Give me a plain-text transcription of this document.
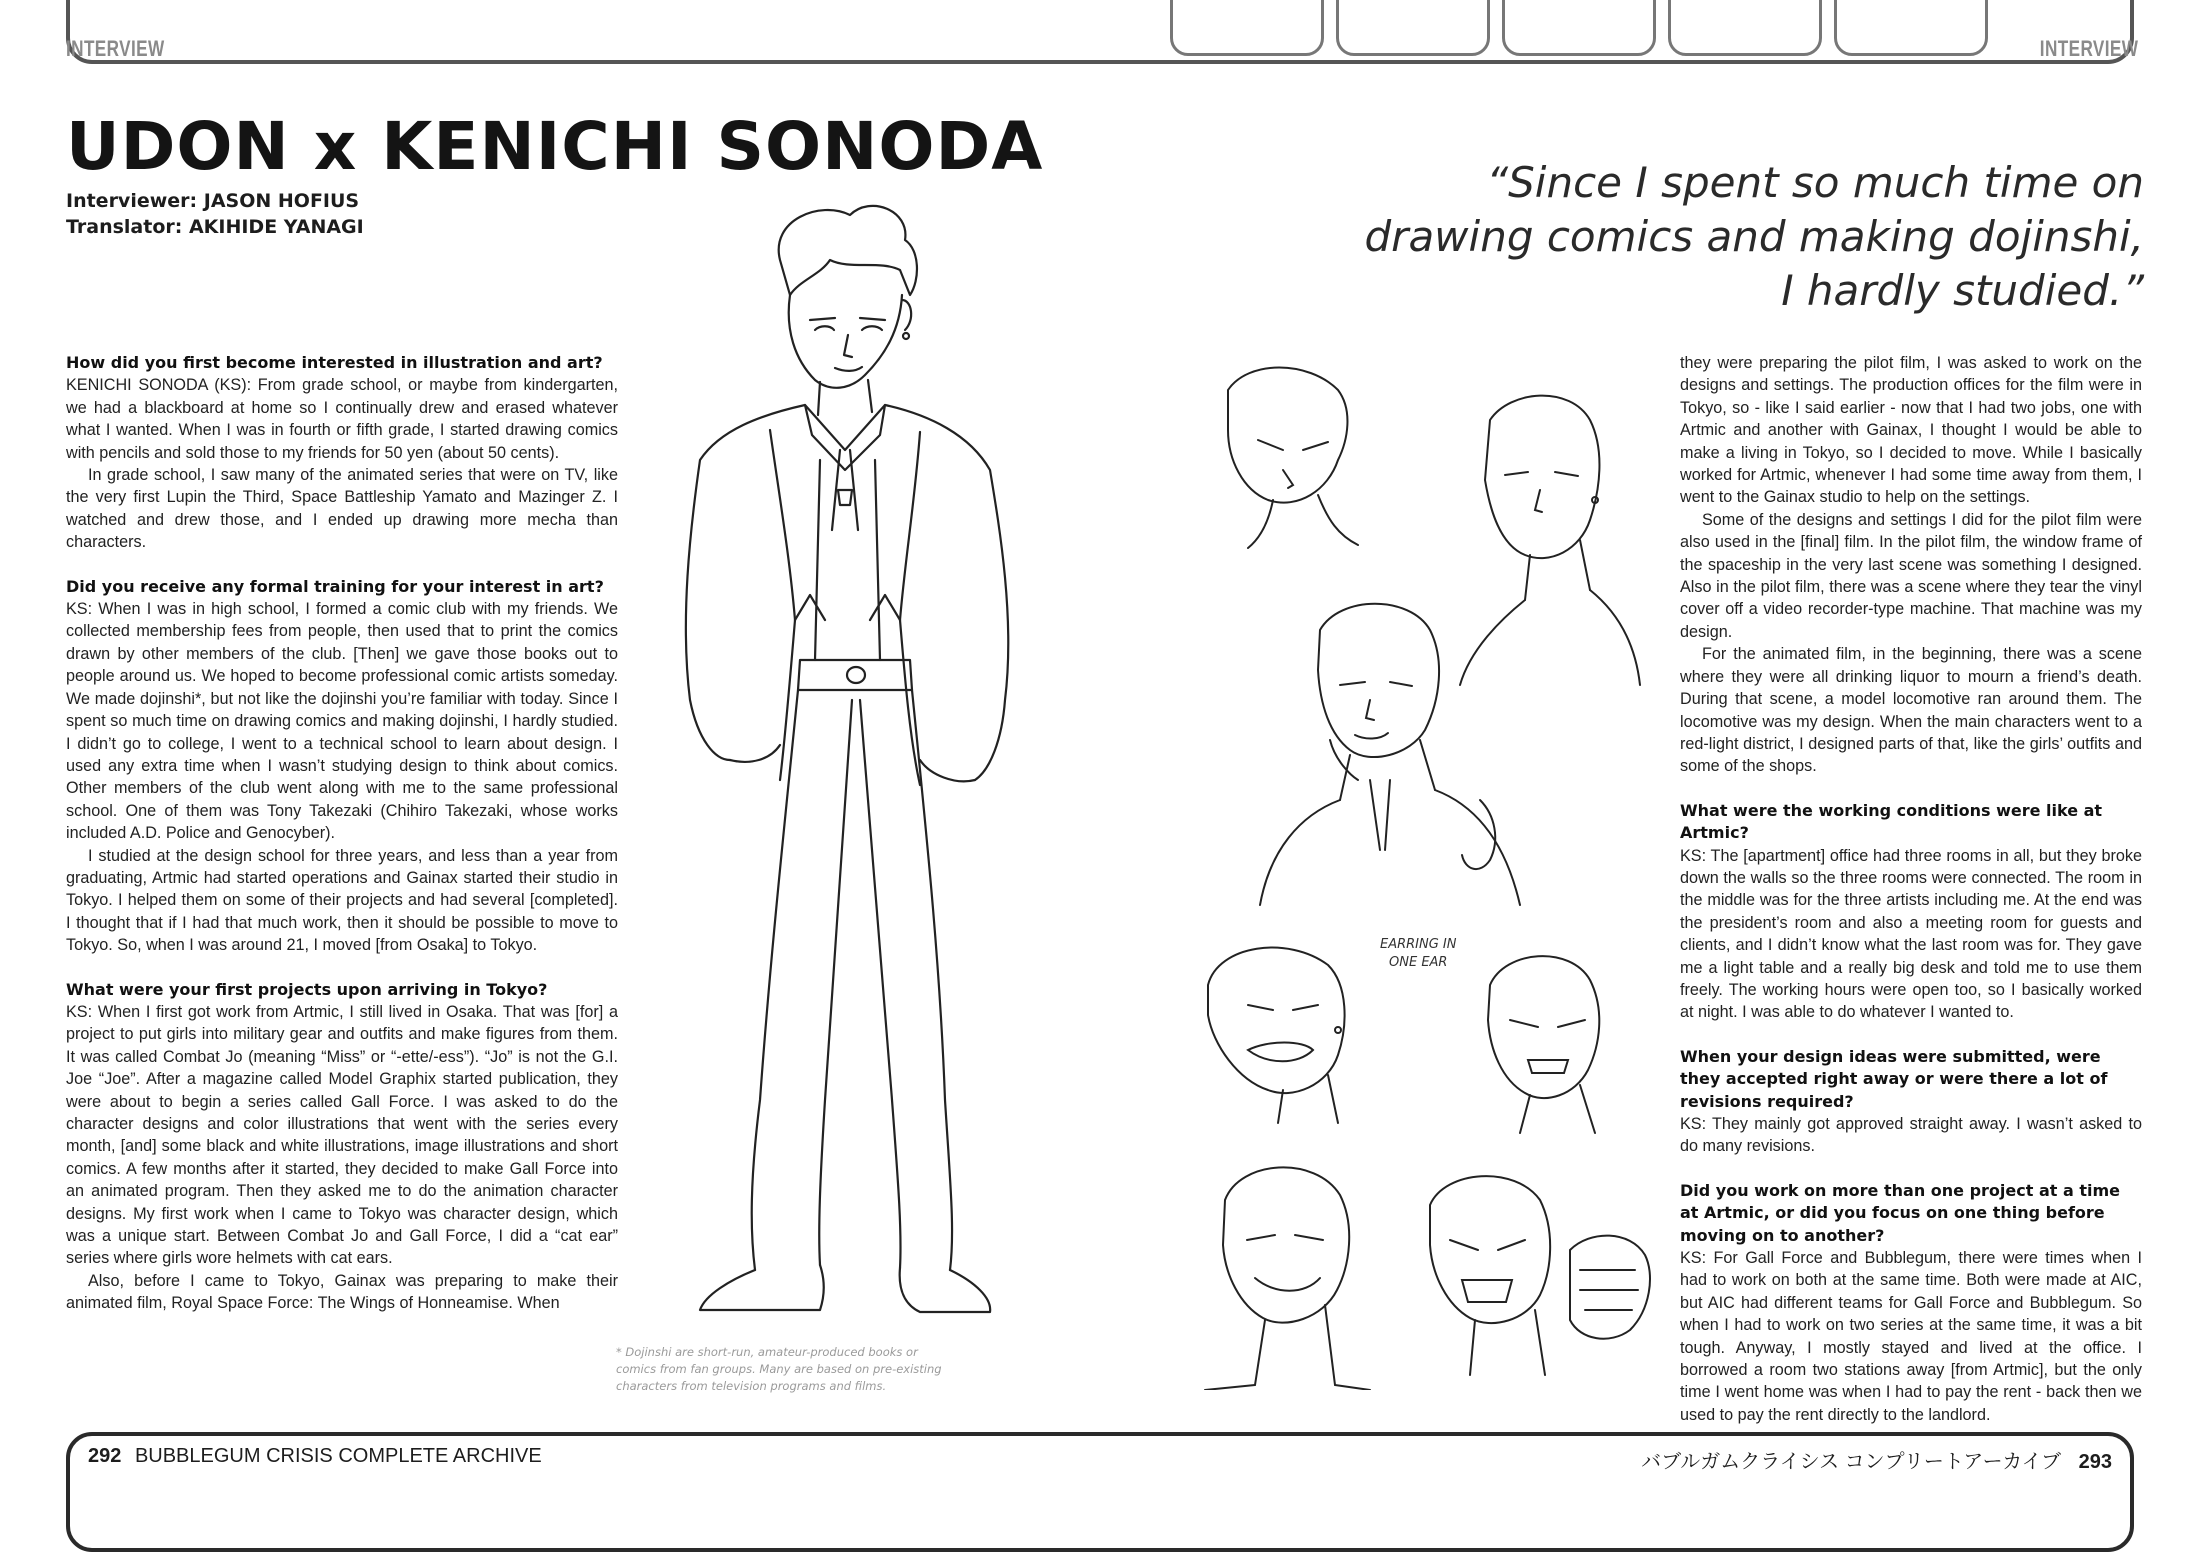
INTERVIEW	INTERVIEW
UDON x KENICHI SONODA
Interviewer: JASON HOFIUS
Translator: AKIHIDE YANAGI
“Since I spent so much time on
drawing comics and making dojinshi,
I hardly studied.”

How did you first become interested in illustration and art?

KENICHI SONODA (KS): From grade school, or maybe from kindergarten, we had a blackboard at home so I continually drew and erased whatever what I wanted. When I was in fourth or fifth grade, I started drawing comics with pencils and sold those to my friends for 50 yen (about 50 cents).

In grade school, I saw many of the animated series that were on TV, like the very first Lupin the Third, Space Battleship Yamato and Mazinger Z. I watched and drew those, and I ended up drawing more mecha than characters.

Did you receive any formal training for your interest in art?

KS: When I was in high school, I formed a comic club with my friends. We collected membership fees from people, then used that to print the comics drawn by other members of the club. [Then] we gave those books out to people around us. We hoped to become professional comic artists someday. We made dojinshi*, but not like the dojinshi you’re familiar with today. Since I spent so much time on drawing comics and making dojinshi, I hardly studied. I didn’t go to college, I went to a technical school to learn about design. I used any extra time when I wasn’t studying design to think about comics. Other members of the club went along with me to the same professional school. One of them was Tony Takezaki (Chihiro Takezaki, whose works included A.D. Police and Genocyber).

I studied at the design school for three years, and less than a year from graduating, Artmic had started operations and Gainax started their studio in Tokyo. I helped them on some of their projects and had several [completed]. I thought that if I had that much work, then it should be possible to move to Tokyo. So, when I was around 21, I moved [from Osaka] to Tokyo.

What were your first projects upon arriving in Tokyo?

KS: When I first got work from Artmic, I still lived in Osaka. That was [for] a project to put girls into military gear and outfits and make figures from them. It was called Combat Jo (meaning “Miss” or “-ette/-ess”). “Jo” is not the G.I. Joe “Joe”. After a magazine called Model Graphix started publication, they were about to begin a series called Gall Force. I was asked to do the character designs and color illustrations that went with the series every month, [and] some black and white illustrations, image illustrations and short comics. A few months after it started, they decided to make Gall Force into an animated program. Then they asked me to do the animation character designs. My first work when I came to Tokyo was character design, which was a unique start. Between Combat Jo and Gall Force, I did a “cat ear” series where girls wore helmets with cat ears.

Also, before I came to Tokyo, Gainax was preparing to make their animated film, Royal Space Force: The Wings of Honneamise. When

they were preparing the pilot film, I was asked to work on the designs and settings. The production offices for the film were in Tokyo, so - like I said earlier - now that I had two jobs, one with Artmic and another with Gainax, I thought I would be able to make a living in Tokyo, so I decided to move. While I basically worked for Artmic, whenever I had some time away from them, I went to the Gainax studio to help on the settings.

Some of the designs and settings I did for the pilot film were also used in the [final] film. In the pilot film, the window frame of the spaceship in the very last scene was something I designed. Also in the pilot film, there was a scene where they tear the vinyl cover off a video recorder-type machine. That machine was my design.

For the animated film, in the beginning, there was a scene where they were all drinking liquor to mourn a friend’s death. During that scene, a model locomotive ran around them. The locomotive was my design. When the main characters went to a red-light district, I designed parts of that, like the girls’ outfits and some of the shops.

What were the working conditions were like at Artmic?

KS: The [apartment] office had three rooms in all, but they broke down the walls so the three rooms were connected. The room in the middle was for the three artists including me. At the end was the president’s room and also a meeting room for guests and clients, and I didn’t know what the last room was for. They gave me a light table and a really big desk and told me to use them freely. The working hours were open too, so I basically worked at night. I was able to do whatever I wanted to.

When your design ideas were submitted, were they accepted right away or were there a lot of revisions required?

KS: They mainly got approved straight away. I wasn’t asked to do many revisions.

Did you work on more than one project at a time at Artmic, or did you focus on one thing before moving on to another?

KS: For Gall Force and Bubblegum, there were times when I had to work on both at the same time. Both were made at AIC, but AIC had different teams for Gall Force and Bubblegum. So when I had to work on two series at the same time, it was a bit tough. Anyway, I mostly stayed and lived at the office. I borrowed a room two stations away [from Artmic], but the only time I went home was when I had to pay the rent - back then we used to pay the rent directly to the landlord.

EARRING IN
ONE EAR

* Dojinshi are short-run, amateur-produced books or comics from fan groups. Many are based on pre-existing characters from television programs and films.

292 BUBBLEGUM CRISIS COMPLETE ARCHIVE	バブルガムクライシス コンプリートアーカイブ 293
